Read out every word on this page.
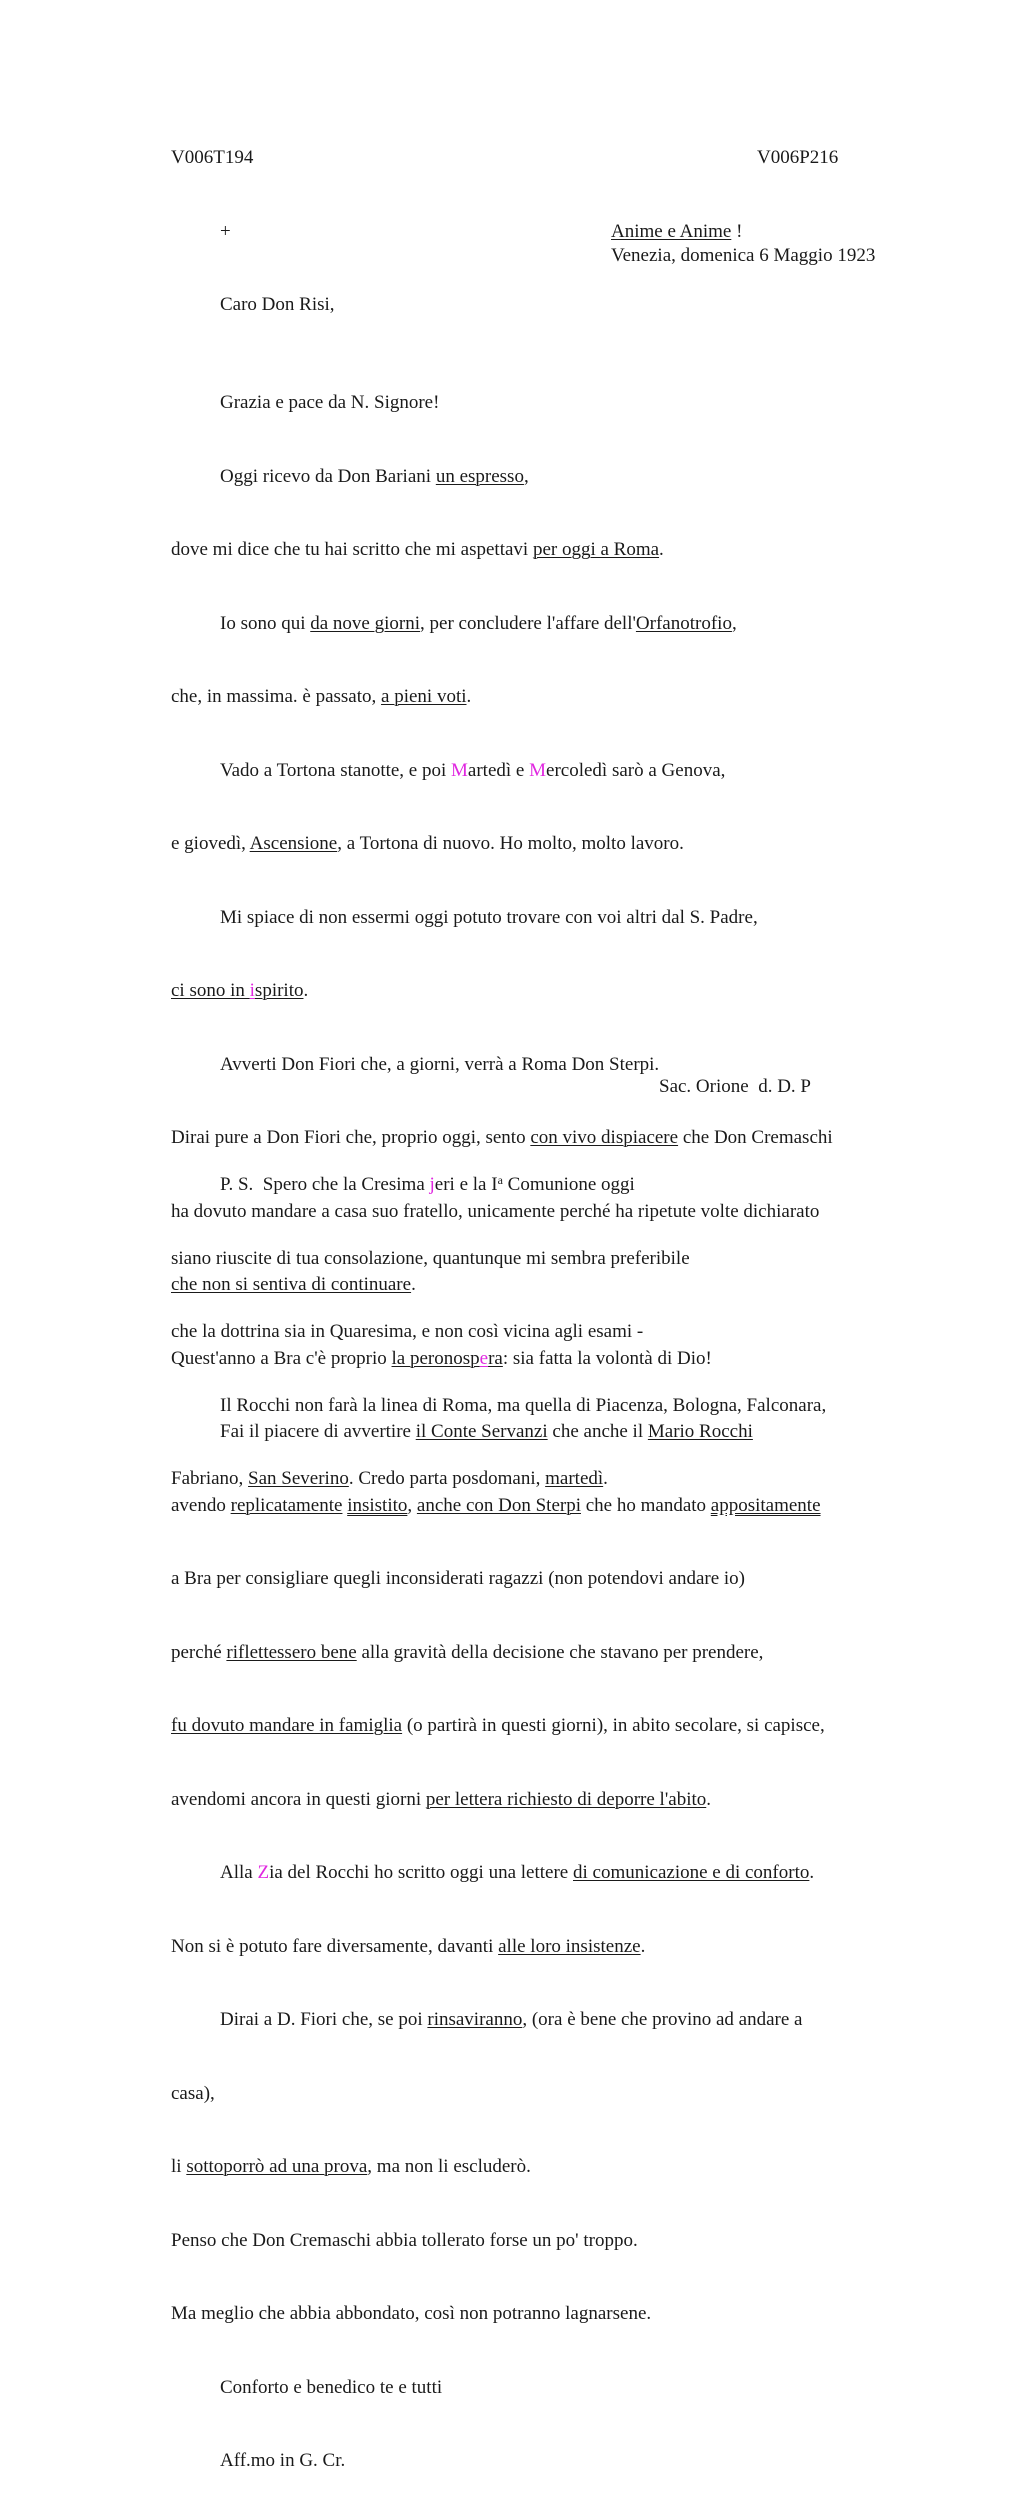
V006T194	V006P216
+	Anime e Anime !
Venezia, domenica 6 Maggio 1923
Caro Don Risi,

Grazia e pace da N. Signore!

Oggi ricevo da Don Bariani un espresso,

dove mi dice che tu hai scritto che mi aspettavi per oggi a Roma.

Io sono qui da nove giorni, per concludere l'affare dell'Orfanotrofio,

che, in massima. è passato, a pieni voti.

Vado a Tortona stanotte, e poi Martedì e Mercoledì sarò a Genova,

e giovedì, Ascensione, a Tortona di nuovo. Ho molto, molto lavoro.

Mi spiace di non essermi oggi potuto trovare con voi altri dal S. Padre,

ci sono in ispirito.

Avverti Don Fiori che, a giorni, verrà a Roma Don Sterpi.

Dirai pure a Don Fiori che, proprio oggi, sento con vivo dispiacere che Don Cremaschi

ha dovuto mandare a casa suo fratello, unicamente perché ha ripetute volte dichiarato

che non si sentiva di continuare.

Quest'anno a Bra c'è proprio la peronospera: sia fatta la volontà di Dio!

Fai il piacere di avvertire il Conte Servanzi che anche il Mario Rocchi

avendo replicatamente insistito, anche con Don Sterpi che ho mandato appositamente

a Bra per consigliare quegli inconsiderati ragazzi (non potendovi andare io)

perché riflettessero bene alla gravità della decisione che stavano per prendere,

fu dovuto mandare in famiglia (o partirà in questi giorni), in abito secolare, si capisce,

avendomi ancora in questi giorni per lettera richiesto di deporre l'abito.

Alla Zia del Rocchi ho scritto oggi una lettere di comunicazione e di conforto.

Non si è potuto fare diversamente, davanti alle loro insistenze.

Dirai a D. Fiori che, se poi rinsaviranno, (ora è bene che provino ad andare a

casa),

li sottoporrò ad una prova, ma non li escluderò.

Penso che Don Cremaschi abbia tollerato forse un po' troppo.

Ma meglio che abbia abbondato, così non potranno lagnarsene.

Conforto e benedico te e tutti

Aff.mo in G. Cr.

Sac. Orione  d. D. P

P. S.  Spero che la Cresima jeri e la $I^a$ Comunione oggi

siano riuscite di tua consolazione, quantunque mi sembra preferibile

che la dottrina sia in Quaresima, e non così vicina agli esami -

Il Rocchi non farà la linea di Roma, ma quella di Piacenza, Bologna, Falconara,

Fabriano, San Severino. Credo parta posdomani, martedì.
